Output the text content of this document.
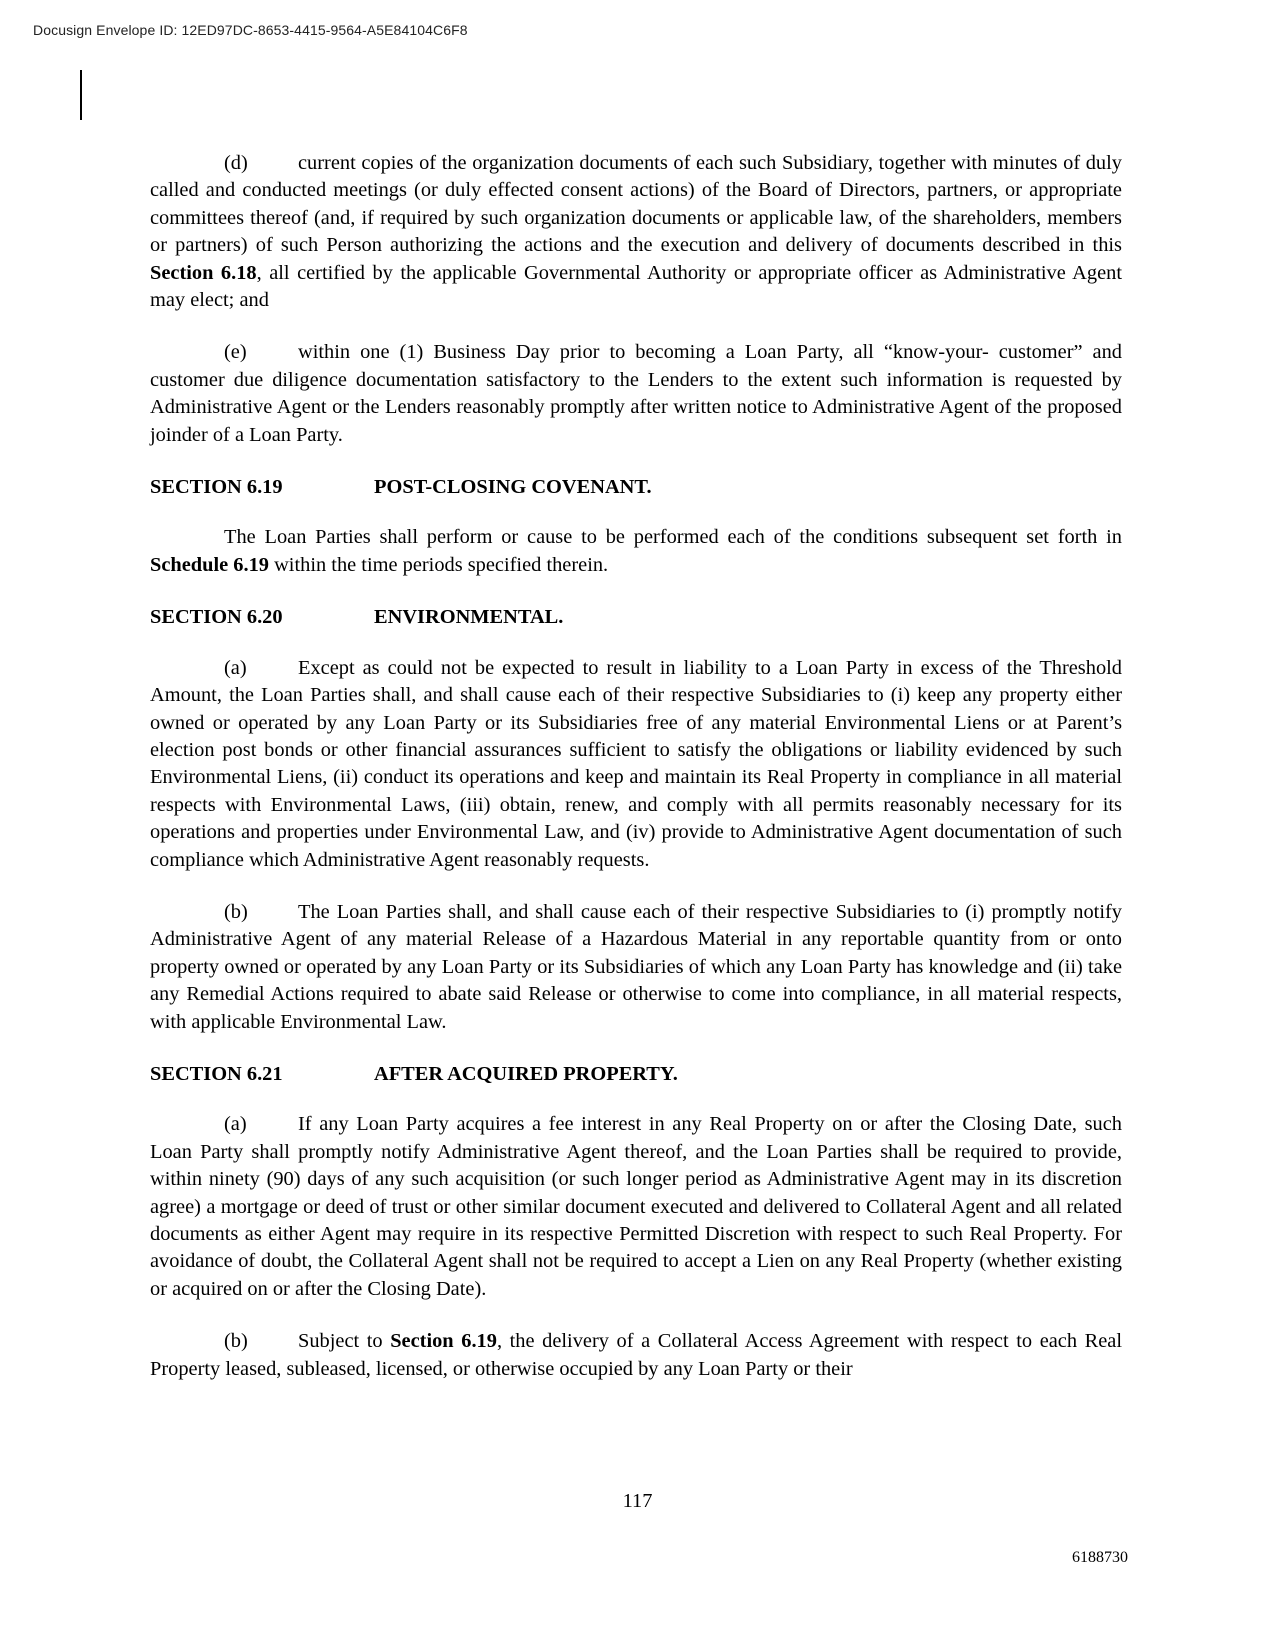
Docusign Envelope ID: 12ED97DC-8653-4415-9564-A5E84104C6F8

(d) current copies of the organization documents of each such Subsidiary, together with minutes of duly called and conducted meetings (or duly effected consent actions) of the Board of Directors, partners, or appropriate committees thereof (and, if required by such organization documents or applicable law, of the shareholders, members or partners) of such Person authorizing the actions and the execution and delivery of documents described in this Section 6.18, all certified by the applicable Governmental Authority or appropriate officer as Administrative Agent may elect; and

(e)	within one (1) Business Day prior to becoming a Loan Party, all “know-your- customer” and customer due diligence documentation satisfactory to the Lenders to the extent such information is requested by Administrative Agent or the Lenders reasonably promptly after written notice to Administrative Agent of the proposed joinder of a Loan Party.

SECTION 6.19	POST-CLOSING COVENANT.

The Loan Parties shall perform or cause to be performed each of the conditions subsequent set forth in Schedule 6.19 within the time periods specified therein.

SECTION 6.20	ENVIRONMENTAL.

(a)	Except as could not be expected to result in liability to a Loan Party in excess of the Threshold Amount, the Loan Parties shall, and shall cause each of their respective Subsidiaries to (i) keep any property either owned or operated by any Loan Party or its Subsidiaries free of any material Environmental Liens or at Parent’s election post bonds or other financial assurances sufficient to satisfy the obligations or liability evidenced by such Environmental Liens, (ii) conduct its operations and keep and maintain its Real Property in compliance in all material respects with Environmental Laws, (iii) obtain, renew, and comply with all permits reasonably necessary for its operations and properties under Environmental Law, and (iv) provide to Administrative Agent documentation of such compliance which Administrative Agent reasonably requests.

(b) The Loan Parties shall, and shall cause each of their respective Subsidiaries to (i) promptly notify Administrative Agent of any material Release of a Hazardous Material in any reportable quantity from or onto property owned or operated by any Loan Party or its Subsidiaries of which any Loan Party has knowledge and (ii) take any Remedial Actions required to abate said Release or otherwise to come into compliance, in all material respects, with applicable Environmental Law.

SECTION 6.21	AFTER ACQUIRED PROPERTY.

(a)	If any Loan Party acquires a fee interest in any Real Property on or after the Closing Date, such Loan Party shall promptly notify Administrative Agent thereof, and the Loan Parties shall be required to provide, within ninety (90) days of any such acquisition (or such longer period as Administrative Agent may in its discretion agree) a mortgage or deed of trust or other similar document executed and delivered to Collateral Agent and all related documents as either Agent may require in its respective Permitted Discretion with respect to such Real Property. For avoidance of doubt, the Collateral Agent shall not be required to accept a Lien on any Real Property (whether existing or acquired on or after the Closing Date).

(b) Subject to Section 6.19, the delivery of a Collateral Access Agreement with respect to each Real Property leased, subleased, licensed, or otherwise occupied by any Loan Party or their

117
6188730
